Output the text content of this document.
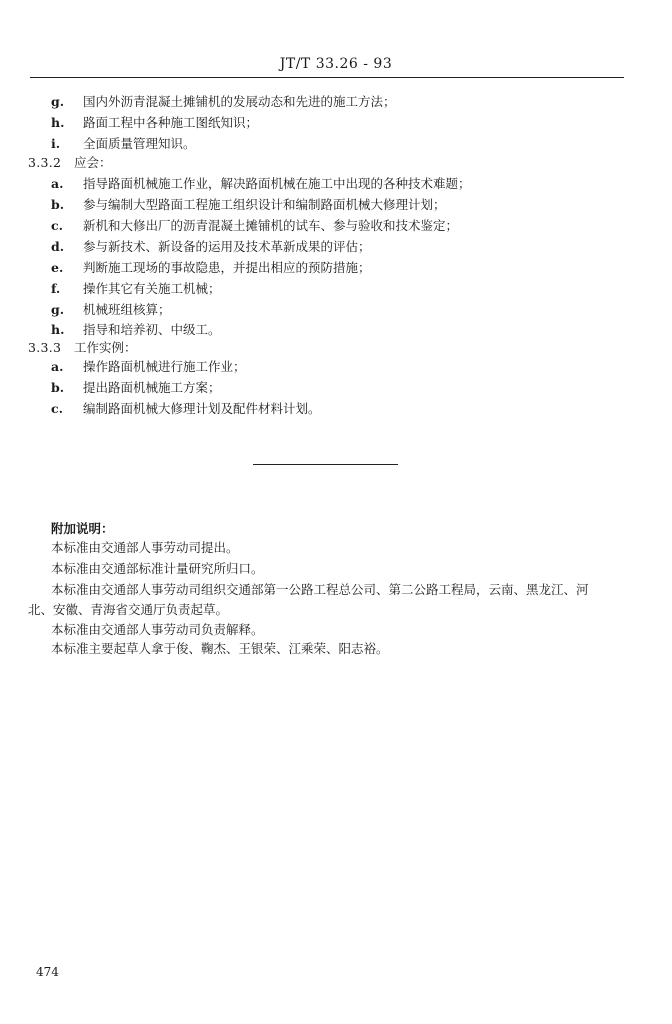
JT/T 33.26 - 93
g. 国内外沥青混凝土摊铺机的发展动态和先进的施工方法；
h. 路面工程中各种施工图纸知识；
i. 全面质量管理知识。
3.3.2 应会：
a. 指导路面机械施工作业，解决路面机械在施工中出现的各种技术难题；
b. 参与编制大型路面工程施工组织设计和编制路面机械大修理计划；
c. 新机和大修出厂的沥青混凝土摊铺机的试车、参与验收和技术鉴定；
d. 参与新技术、新设备的运用及技术革新成果的评估；
e. 判断施工现场的事故隐患，并提出相应的预防措施；
f. 操作其它有关施工机械；
g. 机械班组核算；
h. 指导和培养初、中级工。
3.3.3 工作实例：
a. 操作路面机械进行施工作业；
b. 提出路面机械施工方案；
c. 编制路面机械大修理计划及配件材料计划。
附加说明：
本标准由交通部人事劳动司提出。
本标准由交通部标准计量研究所归口。
本标准由交通部人事劳动司组织交通部第一公路工程总公司、第二公路工程局，云南、黑龙江、河
北、安徽、青海省交通厅负责起草。
本标准由交通部人事劳动司负责解释。
本标准主要起草人拿于俊、鞠杰、王银荣、江乘荣、阳志裕。
474
